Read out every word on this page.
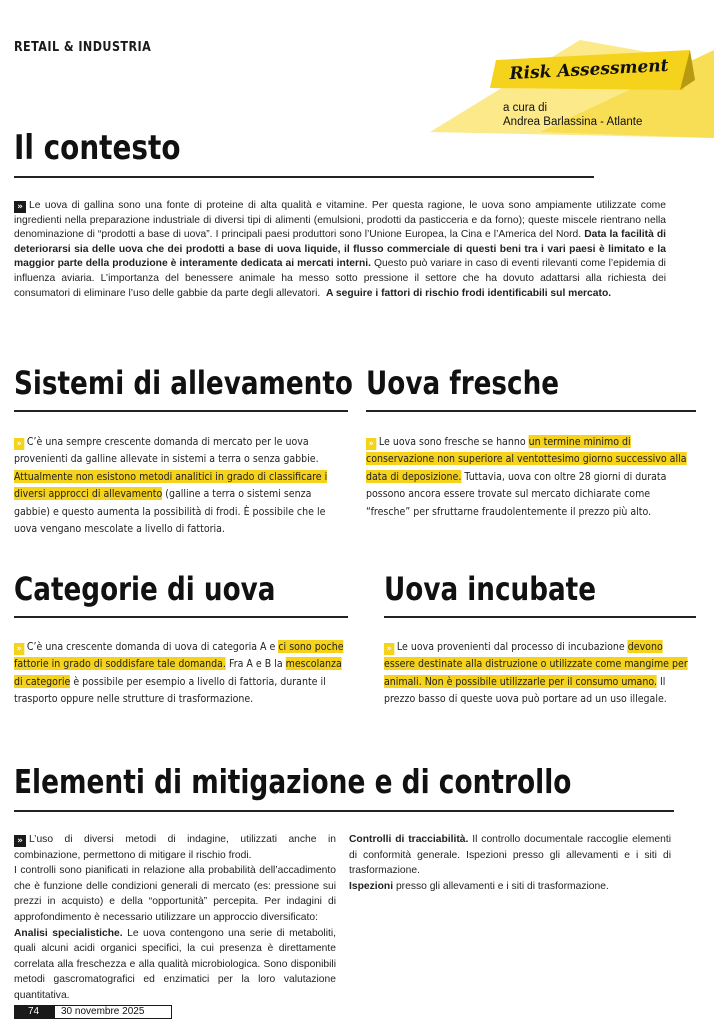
RETAIL & INDUSTRIA
Risk Assessment
a cura di
Andrea Barlassina - Atlante
Il contesto
» Le uova di gallina sono una fonte di proteine di alta qualità e vitamine. Per questa ragione, le uova sono ampiamente utilizzate come ingredienti nella preparazione industriale di diversi tipi di alimenti (emulsioni, prodotti da pasticceria e da forno); queste miscele rientrano nella denominazione di “prodotti a base di uova”. I principali paesi produttori sono l’Unione Europea, la Cina e l’America del Nord. Data la facilità di deteriorarsi sia delle uova che dei prodotti a base di uova liquide, il flusso commerciale di questi beni tra i vari paesi è limitato e la maggior parte della produzione è interamente dedicata ai mercati interni. Questo può variare in caso di eventi rilevanti come l’epidemia di influenza aviaria. L’importanza del benessere animale ha messo sotto pressione il settore che ha dovuto adattarsi alla richiesta dei consumatori di eliminare l’uso delle gabbie da parte degli allevatori. A seguire i fattori di rischio frodi identificabili sul mercato.
Sistemi di allevamento
» C’è una sempre crescente domanda di mercato per le uova provenienti da galline allevate in sistemi a terra o senza gabbie. Attualmente non esistono metodi analitici in grado di classificare i diversi approcci di allevamento (galline a terra o sistemi senza gabbie) e questo aumenta la possibilità di frodi. È possibile che le uova vengano mescolate a livello di fattoria.
Uova fresche
» Le uova sono fresche se hanno un termine minimo di conservazione non superiore al ventottesimo giorno successivo alla data di deposizione. Tuttavia, uova con oltre 28 giorni di durata possono ancora essere trovate sul mercato dichiarate come “fresche” per sfruttarne fraudolentemente il prezzo più alto.
Categorie di uova
» C’è una crescente domanda di uova di categoria A e ci sono poche fattorie in grado di soddisfare tale domanda. Fra A e B la mescolanza di categorie è possibile per esempio a livello di fattoria, durante il trasporto oppure nelle strutture di trasformazione.
Uova incubate
» Le uova provenienti dal processo di incubazione devono essere destinate alla distruzione o utilizzate come mangime per animali. Non è possibile utilizzarle per il consumo umano. Il prezzo basso di queste uova può portare ad un uso illegale.
Elementi di mitigazione e di controllo
» L’uso di diversi metodi di indagine, utilizzati anche in combinazione, permettono di mitigare il rischio frodi.
I controlli sono pianificati in relazione alla probabilità dell’accadimento che è funzione delle condizioni generali di mercato (es: pressione sui prezzi in acquisto) e della “opportunità” percepita. Per indagini di approfondimento è necessario utilizzare un approccio diversificato:
Analisi specialistiche. Le uova contengono una serie di metaboliti, quali alcuni acidi organici specifici, la cui presenza è direttamente correlata alla freschezza e alla qualità microbiologica. Sono disponibili metodi gascromatografici ed enzimatici per la loro valutazione quantitativa.
Controlli di tracciabilità. Il controllo documentale raccoglie elementi di conformità generale. Ispezioni presso gli allevamenti e i siti di trasformazione.
Ispezioni presso gli allevamenti e i siti di trasformazione.
74	30 novembre 2025
